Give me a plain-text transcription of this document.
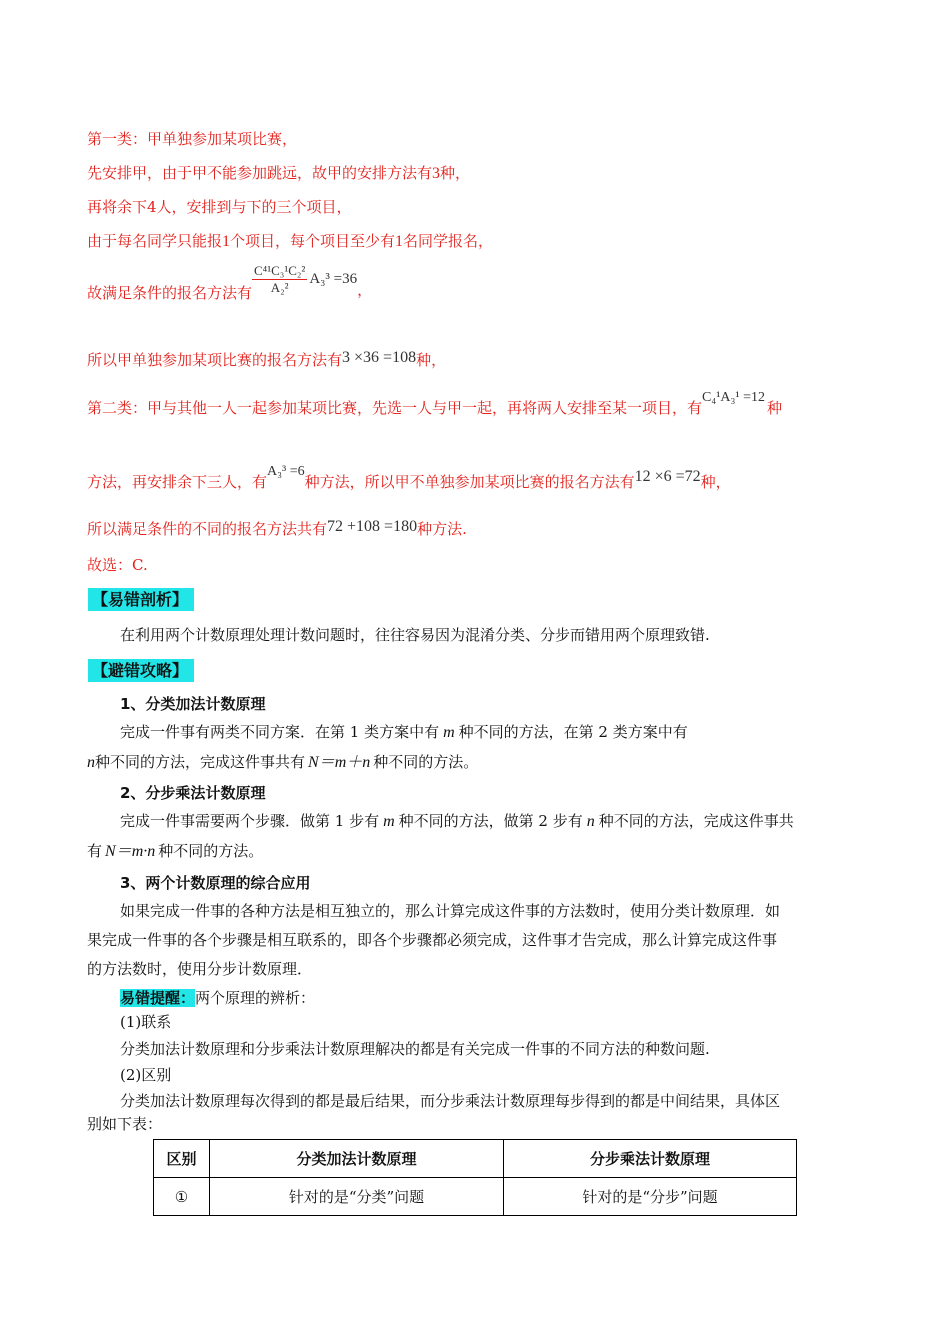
第一类：甲单独参加某项比赛，
先安排甲，由于甲不能参加跳远，故甲的安排方法有3种，
再将余下4人，安排到与下的三个项目，
由于每名同学只能报1个项目，每个项目至少有1名同学报名，
故满足条件的报名方法有 $\frac{\text{C⁴¹C₃¹C₂²}}{\text{A₂²}} A_3^3 =36$，
所以甲单独参加某项比赛的报名方法有3 ×36 =108种，
第二类：甲与其他一人一起参加某项比赛，先选一人与甲一起，再将两人安排至某一项目，有C₄¹A₃¹ =12种
方法，再安排余下三人，有A₃³ =6种方法，所以甲不单独参加某项比赛的报名方法有12 ×6 =72种，
所以满足条件的不同的报名方法共有72 +108 =180种方法.
故选：C.
【易错剖析】
在利用两个计数原理处理计数问题时，往往容易因为混淆分类、分步而错用两个原理致错.
【避错攻略】
1、分类加法计数原理
完成一件事有两类不同方案．在第 1 类方案中有 m 种不同的方法，在第 2 类方案中有
n种不同的方法，完成这件事共有 N＝m＋n 种不同的方法。
2、分步乘法计数原理
完成一件事需要两个步骤．做第 1 步有 m 种不同的方法，做第 2 步有 n 种不同的方法，完成这件事共
有 N＝m·n 种不同的方法。
3、两个计数原理的综合应用
如果完成一件事的各种方法是相互独立的，那么计算完成这件事的方法数时，使用分类计数原理．如
果完成一件事的各个步骤是相互联系的，即各个步骤都必须完成，这件事才告完成，那么计算完成这件事
的方法数时，使用分步计数原理．
易错提醒：两个原理的辨析：
(1)联系
分类加法计数原理和分步乘法计数原理解决的都是有关完成一件事的不同方法的种数问题.
(2)区别
分类加法计数原理每次得到的都是最后结果，而分步乘法计数原理每步得到的都是中间结果，具体区
别如下表：
区别	分类加法计数原理	分步乘法计数原理
①	针对的是“分类”问题	针对的是“分步”问题
